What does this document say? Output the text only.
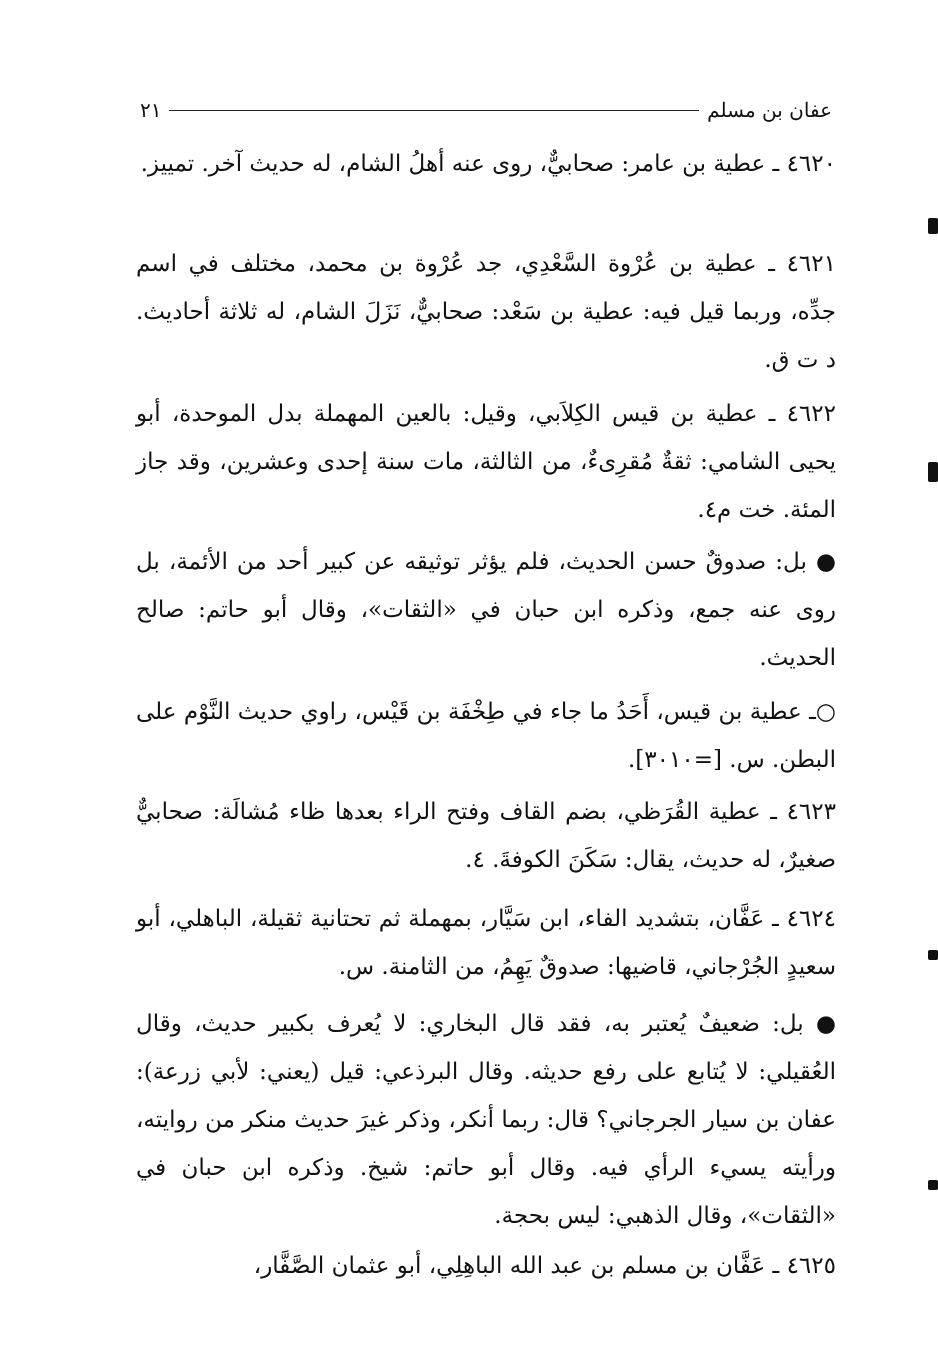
عفان بن مسلم
٢١
٤٦٢٠ ـ عطية بن عامر: صحابيٌّ، روى عنه أهلُ الشام، له حديث آخر. تمييز.
٤٦٢١ ـ عطية بن عُرْوة السَّعْدِي، جد عُرْوة بن محمد، مختلف في اسم جدِّه، وربما قيل فيه: عطية بن سَعْد: صحابيٌّ، نَزَلَ الشام، له ثلاثة أحاديث. د ت ق.
٤٦٢٢ ـ عطية بن قيس الكِلاَبي، وقيل: بالعين المهملة بدل الموحدة، أبو يحيى الشامي: ثقةٌ مُقرِىءٌ، من الثالثة، مات سنة إحدى وعشرين، وقد جاز المئة. خت م٤.
● بل: صدوقٌ حسن الحديث، فلم يؤثر توثيقه عن كبير أحد من الأئمة، بل روى عنه جمع، وذكره ابن حبان في «الثقات»، وقال أبو حاتم: صالح الحديث.
○ـ عطية بن قيس، أَحَدُ ما جاء في طِخْفَة بن قَيْس، راوي حديث النَّوْم على البطن. س. [=٣٠١٠].
٤٦٢٣ ـ عطية القُرَظي، بضم القاف وفتح الراء بعدها ظاء مُشالَة: صحابيٌّ صغيرٌ، له حديث، يقال: سَكَنَ الكوفةَ. ٤.
٤٦٢٤ ـ عَفَّان، بتشديد الفاء، ابن سَيَّار، بمهملة ثم تحتانية ثقيلة، الباهلي، أبو سعيدٍ الجُرْجاني، قاضيها: صدوقٌ يَهِمُ، من الثامنة. س.
● بل: ضعيفٌ يُعتبر به، فقد قال البخاري: لا يُعرف بكبير حديث، وقال العُقيلي: لا يُتابع على رفع حديثه. وقال البرذعي: قيل (يعني: لأبي زرعة): عفان بن سيار الجرجاني؟ قال: ربما أنكر، وذكر غيرَ حديث منكر من روايته، ورأيته يسيء الرأي فيه. وقال أبو حاتم: شيخ. وذكره ابن حبان في «الثقات»، وقال الذهبي: ليس بحجة.
٤٦٢٥ ـ عَفَّان بن مسلم بن عبد الله الباهِلِي، أبو عثمان الصَّفَّار،
